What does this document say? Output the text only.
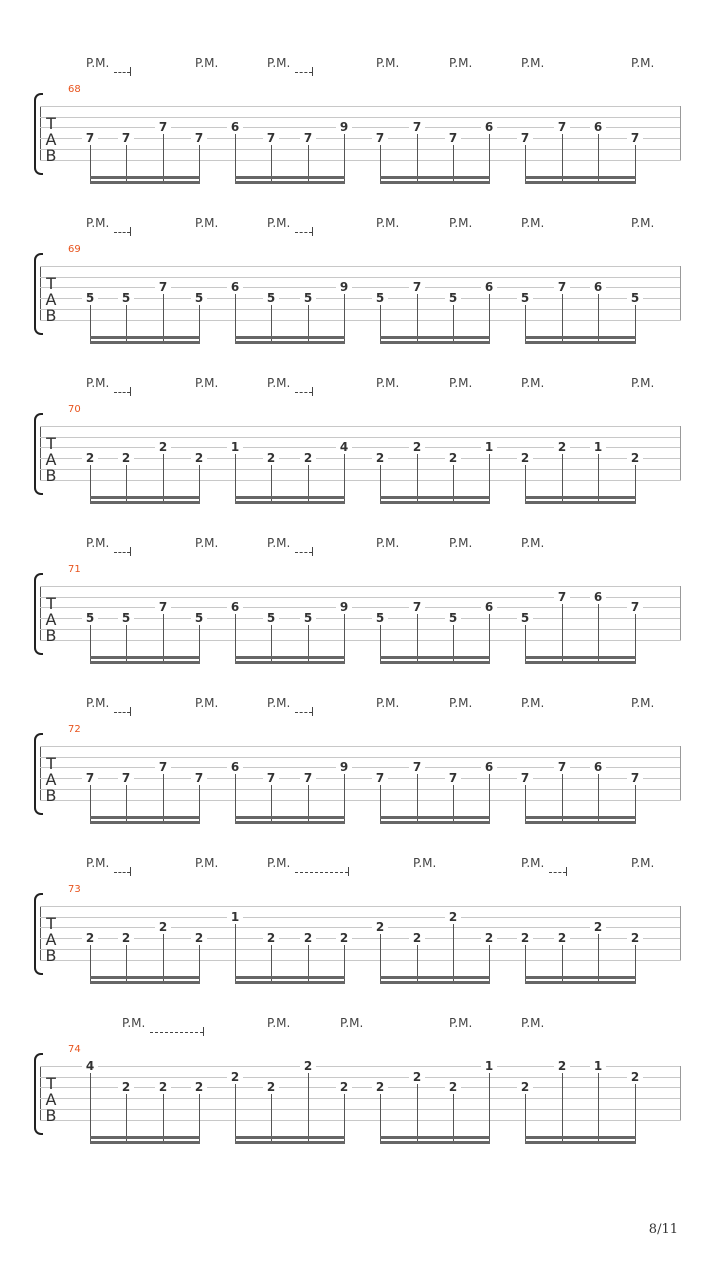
P.M.	P.M.	P.M.	P.M.	P.M.	P.M.	P.M.
68
T
A
B
7	7
7
7
6
7	7
9
7
7
7
6
7
7	6
7
P.M.	P.M.	P.M.	P.M.	P.M.	P.M.	P.M.
69
T
A
B
5	5
7
5
6
5	5
9
5
7
5
6
5
7	6
5
P.M.	P.M.	P.M.	P.M.	P.M.	P.M.	P.M.
70
T
A
B
2	2
2
2
1
2	2
4
2
2
2
1
2
2	1
2
P.M.	P.M.	P.M.	P.M.	P.M.	P.M.
71
T
A
B
5	5
7
5
6
5	5
9
5
7
5
6
5
7	6
7
P.M.	P.M.	P.M.	P.M.	P.M.	P.M.	P.M.
72
T
A
B
7	7
7
7
6
7	7
9
7
7
7
6
7
7	6
7
P.M.	P.M.	P.M.	P.M.	P.M.	P.M.
73
T
A
B
2	2
2
2
1
2	2	2
2
2
2
2	2	2
2
2
P.M.	P.M.	P.M.	P.M.	P.M.
74
T
A
B
4
2	2	2
2
2
2
2	2
2
2
1
2
2	1
2
8/11
